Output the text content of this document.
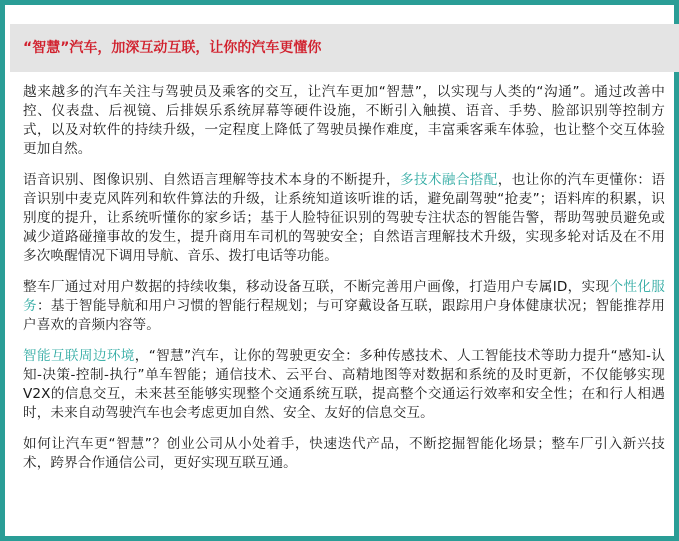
“智慧”汽车，加深互动互联，让你的汽车更懂你

越来越多的汽车关注与驾驶员及乘客的交互，让汽车更加“智慧”，以实现与人类的“沟通”。通过改善中控、仪表盘、后视镜、后排娱乐系统屏幕等硬件设施，不断引入触摸、语音、手势、脸部识别等控制方式，以及对软件的持续升级，一定程度上降低了驾驶员操作难度，丰富乘客乘车体验，也让整个交互体验更加自然。

语音识别、图像识别、自然语言理解等技术本身的不断提升，多技术融合搭配，也让你的汽车更懂你：语音识别中麦克风阵列和软件算法的升级，让系统知道该听谁的话，避免副驾驶“抢麦”；语料库的积累，识别度的提升，让系统听懂你的家乡话；基于人脸特征识别的驾驶专注状态的智能告警，帮助驾驶员避免或减少道路碰撞事故的发生，提升商用车司机的驾驶安全；自然语言理解技术升级，实现多轮对话及在不用多次唤醒情况下调用导航、音乐、拨打电话等功能。

整车厂通过对用户数据的持续收集，移动设备互联，不断完善用户画像，打造用户专属ID，实现个性化服务：基于智能导航和用户习惯的智能行程规划；与可穿戴设备互联，跟踪用户身体健康状况；智能推荐用户喜欢的音频内容等。

智能互联周边环境，“智慧”汽车，让你的驾驶更安全：多种传感技术、人工智能技术等助力提升“感知-认知-决策-控制-执行”单车智能；通信技术、云平台、高精地图等对数据和系统的及时更新，不仅能够实现V2X的信息交互，未来甚至能够实现整个交通系统互联，提高整个交通运行效率和安全性；在和行人相遇时，未来自动驾驶汽车也会考虑更加自然、安全、友好的信息交互。

如何让汽车更“智慧”？创业公司从小处着手，快速迭代产品，不断挖掘智能化场景；整车厂引入新兴技术，跨界合作通信公司，更好实现互联互通。
